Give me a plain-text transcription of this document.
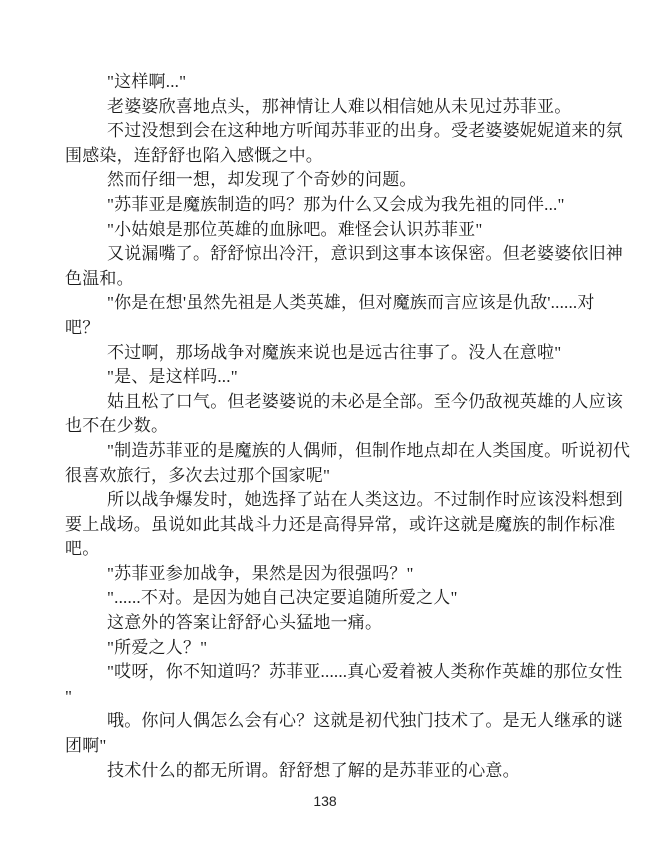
"这样啊..."
老婆婆欣喜地点头，那神情让人难以相信她从未见过苏菲亚。
不过没想到会在这种地方听闻苏菲亚的出身。受老婆婆妮妮道来的氛
围感染，连舒舒也陷入感慨之中。
然而仔细一想，却发现了个奇妙的问题。
"苏菲亚是魔族制造的吗？那为什么又会成为我先祖的同伴..."
"小姑娘是那位英雄的血脉吧。难怪会认识苏菲亚"
又说漏嘴了。舒舒惊出冷汗，意识到这事本该保密。但老婆婆依旧神
色温和。
"你是在想'虽然先祖是人类英雄，但对魔族而言应该是仇敌'......对
吧？
不过啊，那场战争对魔族来说也是远古往事了。没人在意啦"
"是、是这样吗..."
姑且松了口气。但老婆婆说的未必是全部。至今仍敌视英雄的人应该
也不在少数。
"制造苏菲亚的是魔族的人偶师，但制作地点却在人类国度。听说初代
很喜欢旅行，多次去过那个国家呢"
所以战争爆发时，她选择了站在人类这边。不过制作时应该没料想到
要上战场。虽说如此其战斗力还是高得异常，或许这就是魔族的制作标准
吧。
"苏菲亚参加战争，果然是因为很强吗？"
"......不对。是因为她自己决定要追随所爱之人"
这意外的答案让舒舒心头猛地一痛。
"所爱之人？"
"哎呀，你不知道吗？苏菲亚......真心爱着被人类称作英雄的那位女性
"
哦。你问人偶怎么会有心？这就是初代独门技术了。是无人继承的谜
团啊"
技术什么的都无所谓。舒舒想了解的是苏菲亚的心意。
138
